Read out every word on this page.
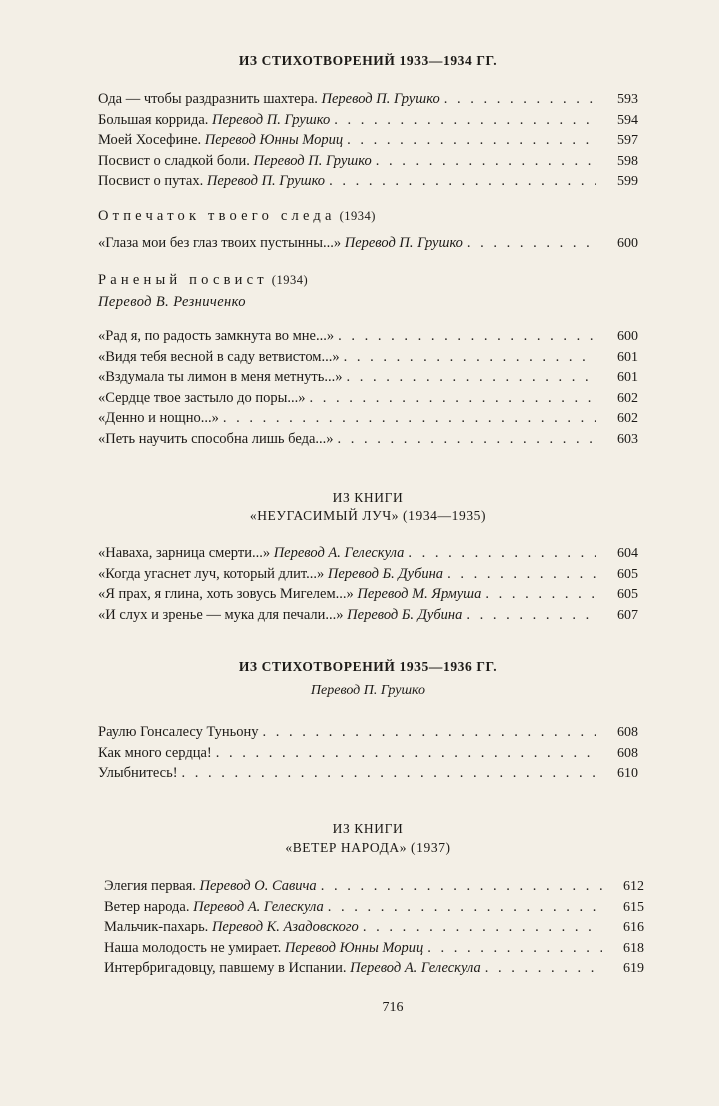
ИЗ СТИХОТВОРЕНИЙ 1933—1934 ГГ.
Ода — чтобы раздразнить шахтера. Перевод П. Грушко . . .	593
Большая коррида. Перевод П. Грушко . . .	594
Моей Хосефине. Перевод Юнны Мориц . . .	597
Посвист о сладкой боли. Перевод П. Грушко . . .	598
Посвист о путах. Перевод П. Грушко . . .	599
Отпечаток твоего следа (1934)
«Глаза мои без глаз твоих пустынны...» Перевод П. Грушко . . .	600
Раненый посвист (1934)
Перевод В. Резниченко
«Рад я, по радость замкнута во мне...» . . .	600
«Видя тебя весной в саду ветвистом...» . . .	601
«Вздумала ты лимон в меня метнуть...» . . .	601
«Сердце твое застыло до поры...» . . .	602
«Денно и нощно...» . . .	602
«Петь научить способна лишь беда...» . . .	603
ИЗ КНИГИ
«НЕУГАСИМЫЙ ЛУЧ» (1934—1935)
«Наваха, зарница смерти...» Перевод А. Гелескула . . .	604
«Когда угаснет луч, который длит...» Перевод Б. Дубина . . .	605
«Я прах, я глина, хоть зовусь Мигелем...» Перевод М. Ярмуша . . .	605
«И слух и зренье — мука для печали...» Перевод Б. Дубина . . .	607
ИЗ СТИХОТВОРЕНИЙ 1935—1936 ГГ.
Перевод П. Грушко
Раулю Гонсалесу Туньону . . .	608
Как много сердца! . . .	608
Улыбнитесь! . . .	610
ИЗ КНИГИ
«ВЕТЕР НАРОДА» (1937)
Элегия первая. Перевод О. Савича . . .	612
Ветер народа. Перевод А. Гелескула . . .	615
Мальчик-пахарь. Перевод К. Азадовского . . .	616
Наша молодость не умирает. Перевод Юнны Мориц . . .	618
Интербригадовцу, павшему в Испании. Перевод А. Гелескула . . .	619
716
